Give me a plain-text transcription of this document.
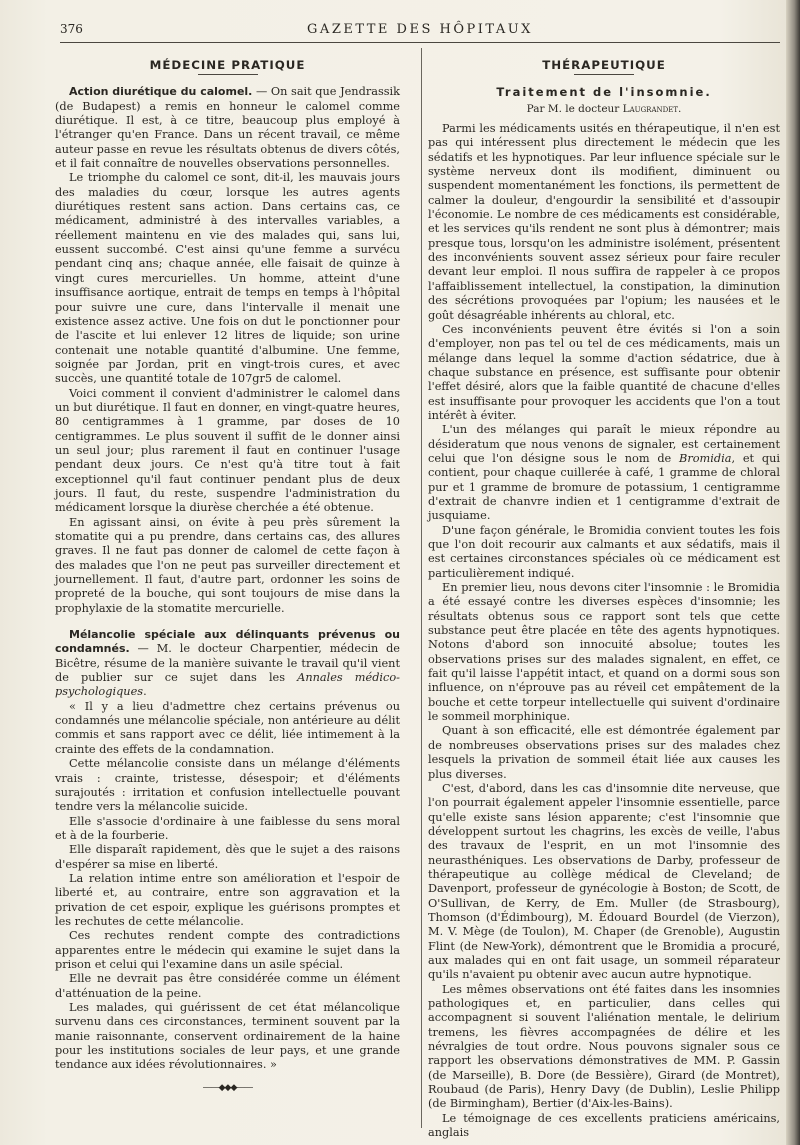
376	GAZETTE DES HÔPITAUX
MÉDECINE PRATIQUE

Action diurétique du calomel. — On sait que Jendrassik (de Budapest) a remis en honneur le calomel comme diurétique. Il est, à ce titre, beaucoup plus employé à l'étranger qu'en France. Dans un récent travail, ce même auteur passe en revue les résultats obtenus de divers côtés, et il fait connaître de nouvelles observations personnelles.

Le triomphe du calomel ce sont, dit-il, les mauvais jours des maladies du cœur, lorsque les autres agents diurétiques restent sans action. Dans certains cas, ce médicament, administré à des intervalles variables, a réellement maintenu en vie des malades qui, sans lui, eussent succombé. C'est ainsi qu'une femme a survécu pendant cinq ans; chaque année, elle faisait de quinze à vingt cures mercurielles. Un homme, atteint d'une insuffisance aortique, entrait de temps en temps à l'hôpital pour suivre une cure, dans l'intervalle il menait une existence assez active. Une fois on dut le ponctionner pour de l'ascite et lui enlever 12 litres de liquide; son urine contenait une notable quantité d'albumine. Une femme, soignée par Jordan, prit en vingt-trois cures, et avec succès, une quantité totale de 107gr5 de calomel.

Voici comment il convient d'administrer le calomel dans un but diurétique. Il faut en donner, en vingt-quatre heures, 80 centigrammes à 1 gramme, par doses de 10 centigrammes. Le plus souvent il suffit de le donner ainsi un seul jour; plus rarement il faut en continuer l'usage pendant deux jours. Ce n'est qu'à titre tout à fait exceptionnel qu'il faut continuer pendant plus de deux jours. Il faut, du reste, suspendre l'administration du médicament lorsque la diurèse cherchée a été obtenue.

En agissant ainsi, on évite à peu près sûrement la stomatite qui a pu prendre, dans certains cas, des allures graves. Il ne faut pas donner de calomel de cette façon à des malades que l'on ne peut pas surveiller directement et journellement. Il faut, d'autre part, ordonner les soins de propreté de la bouche, qui sont toujours de mise dans la prophylaxie de la stomatite mercurielle.

Mélancolie spéciale aux délinquants prévenus ou condamnés. — M. le docteur Charpentier, médecin de Bicêtre, résume de la manière suivante le travail qu'il vient de publier sur ce sujet dans les Annales médico-psychologiques.

« Il y a lieu d'admettre chez certains prévenus ou condamnés une mélancolie spéciale, non antérieure au délit commis et sans rapport avec ce délit, liée intimement à la crainte des effets de la condamnation.

Cette mélancolie consiste dans un mélange d'éléments vrais : crainte, tristesse, désespoir; et d'éléments surajoutés : irritation et confusion intellectuelle pouvant tendre vers la mélancolie suicide.

Elle s'associe d'ordinaire à une faiblesse du sens moral et à de la fourberie.

Elle disparaît rapidement, dès que le sujet a des raisons d'espérer sa mise en liberté.

La relation intime entre son amélioration et l'espoir de liberté et, au contraire, entre son aggravation et la privation de cet espoir, explique les guérisons promptes et les rechutes de cette mélancolie.

Ces rechutes rendent compte des contradictions apparentes entre le médecin qui examine le sujet dans la prison et celui qui l'examine dans un asile spécial.

Elle ne devrait pas être considérée comme un élément d'atténuation de la peine.

Les malades, qui guérissent de cet état mélancolique survenu dans ces circonstances, terminent souvent par la manie raisonnante, conservent ordinairement de la haine pour les institutions sociales de leur pays, et une grande tendance aux idées révolutionnaires. »

——◆◆◆——
THÉRAPEUTIQUE
Traitement de l'insomnie.
Par M. le docteur Laugrandet.

Parmi les médicaments usités en thérapeutique, il n'en est pas qui intéressent plus directement le médecin que les sédatifs et les hypnotiques. Par leur influence spéciale sur le système nerveux dont ils modifient, diminuent ou suspendent momentanément les fonctions, ils permettent de calmer la douleur, d'engourdir la sensibilité et d'assoupir l'économie. Le nombre de ces médicaments est considérable, et les services qu'ils rendent ne sont plus à démontrer; mais presque tous, lorsqu'on les administre isolément, présentent des inconvénients souvent assez sérieux pour faire reculer devant leur emploi. Il nous suffira de rappeler à ce propos l'affaiblissement intellectuel, la constipation, la diminution des sécrétions provoquées par l'opium; les nausées et le goût désagréable inhérents au chloral, etc.

Ces inconvénients peuvent être évités si l'on a soin d'employer, non pas tel ou tel de ces médicaments, mais un mélange dans lequel la somme d'action sédatrice, due à chaque substance en présence, est suffisante pour obtenir l'effet désiré, alors que la faible quantité de chacune d'elles est insuffisante pour provoquer les accidents que l'on a tout intérêt à éviter.

L'un des mélanges qui paraît le mieux répondre au désideratum que nous venons de signaler, est certainement celui que l'on désigne sous le nom de Bromidia, et qui contient, pour chaque cuillerée à café, 1 gramme de chloral pur et 1 gramme de bromure de potassium, 1 centigramme d'extrait de chanvre indien et 1 centigramme d'extrait de jusquiame.

D'une façon générale, le Bromidia convient toutes les fois que l'on doit recourir aux calmants et aux sédatifs, mais il est certaines circonstances spéciales où ce médicament est particulièrement indiqué.

En premier lieu, nous devons citer l'insomnie : le Bromidia a été essayé contre les diverses espèces d'insomnie; les résultats obtenus sous ce rapport sont tels que cette substance peut être placée en tête des agents hypnotiques. Notons d'abord son innocuité absolue; toutes les observations prises sur des malades signalent, en effet, ce fait qu'il laisse l'appétit intact, et quand on a dormi sous son influence, on n'éprouve pas au réveil cet empâtement de la bouche et cette torpeur intellectuelle qui suivent d'ordinaire le sommeil morphinique.

Quant à son efficacité, elle est démontrée également par de nombreuses observations prises sur des malades chez lesquels la privation de sommeil était liée aux causes les plus diverses.

C'est, d'abord, dans les cas d'insomnie dite nerveuse, que l'on pourrait également appeler l'insomnie essentielle, parce qu'elle existe sans lésion apparente; c'est l'insomnie que développent surtout les chagrins, les excès de veille, l'abus des travaux de l'esprit, en un mot l'insomnie des neurasthéniques. Les observations de Darby, professeur de thérapeutique au collège médical de Cleveland; de Davenport, professeur de gynécologie à Boston; de Scott, de O'Sullivan, de Kerry, de Em. Muller (de Strasbourg), Thomson (d'Édimbourg), M. Édouard Bourdel (de Vierzon), M. V. Mège (de Toulon), M. Chaper (de Grenoble), Augustin Flint (de New-York), démontrent que le Bromidia a procuré, aux malades qui en ont fait usage, un sommeil réparateur qu'ils n'avaient pu obtenir avec aucun autre hypnotique.

Les mêmes observations ont été faites dans les insomnies pathologiques et, en particulier, dans celles qui accompagnent si souvent l'aliénation mentale, le delirium tremens, les fièvres accompagnées de délire et les névralgies de tout ordre. Nous pouvons signaler sous ce rapport les observations démonstratives de MM. P. Gassin (de Marseille), B. Dore (de Bessière), Girard (de Montret), Roubaud (de Paris), Henry Davy (de Dublin), Leslie Philipp (de Birmingham), Bertier (d'Aix-les-Bains).

Le témoignage de ces excellents praticiens américains, anglais
